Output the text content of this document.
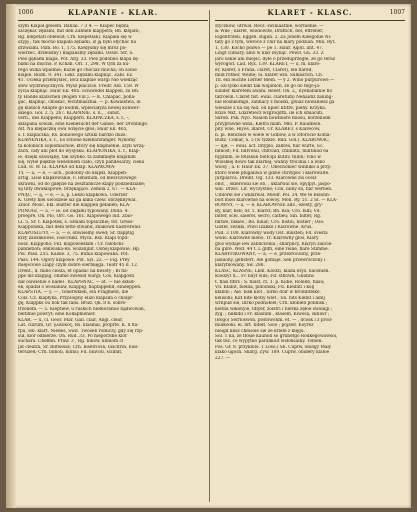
1006	KLAPANIE - KLAR.
szym Klapał głosem. Banial. 7 3 4. — Klapeć bębni;
szczękać zębami, mit den Zähnen klappern; Bh. klepati;
Rg. klepetati oblewat; Crn. klepetlan). Klapała się w
szyję ; tak mocno klapała zębami, iż ją było słychać na
drzwiami. Pam. Bo. 1, 175. Kiedyśmy się mróz po-
wierzeć, drżeliśmy i klapaliśmy zębami. Ossol. Str. S.
Pies gębami klapa. Pot. Arg. 33. Pies podobno klapa zę-
bami na mucho. P. Kchan. Orl. 1, 298. W tym za ku-
rego wilka wpadnie; Kozie go chociaż mucha; on sobie
klapie. Rudn. 9, 341. Lekl. Zębami klapnąć. Zabl. Ez.
41. Ucieka przemyśleć, lecz klapnie wargi Nie wiedząc
słów wydźwięcznych: Mysz płaczcie. Fredr. Ald. 159. W
zycia klapnąć. Haur Ek. 485. ocniwedel klappen, zu Bh.
ty Hände klatschen (Bogen Vill.). — K. Chlapać, polla-
gać, klapnąć, cmokać, fechtmasznia. — p. Kowalstwa, in
gę klatsch Adapte go kodim, wpleciałyża nowej konwer-
skiego. Gol. 2. 5. 267. KLAPANIE, s. n., , subst.
verb., des Klappens; Klappern. KLAPACZKA, s. f., -,
sklapana sowan, eine Kiebesucht der Gänse, der Dröhlinge.
Alt. Na klepaczkę owa wzięcie głos; Haur Ek. 465,
s. f. klapaczka, Rs. koniowego sztuki bardzo duże.
KLAPIENIKA, s. f., Es schöne Kleibarsfänger. Nykomy
ta kolobach soplomachów, który się klapnienie, szyli wrzą-
zach, cały ani płot do wysysku. KLAPIONIKA, s. f., Klap-
ie, dzięki szawiąbę, tak szybko. ta zamknięte klapinim
się, wyłie pięknie weselinem ciało, czyli pańdeśarzy, cieka
Lud. H. W. Iu. KLAPKA od Klap. KLAPKOWA-
TY, — a, — e, — ach., podobny do klapki, Klappen-
artig. Lisie klapkowanie, F. lebatium, od kleszczowego
skrawki, od do gałęzie na zesztankcze klapy podziedziane;
są tilty dwuklapowe, brzękające. Zemda 2, 67. — KLA-
PNĄĆ, — ą, — e, — a, p. Lekzo klapkowa. Uderzer
K. Grety hlel uwodzeie siz ga klika cześć obrzęknywał.
Zbior. Mosc. Ekl. Blätter die klappen gefallen; KLA-
PONOGI, — a, — ie, iat ongami typowany. Duda. 4.
proepre, On. Plo, Orc. Go. 161. Klapowego lud. Zbio-
LI. 5, Sr. t. Klapotek, s. osmani topsicznie; fot. Gress-
Klapponska, mit dem fette stwand, znakowd nastrerend.
KLAPOSLUYY, — a, — e, obwiselny owed; Sr. flapptig
krzy zawłakowie, Fascchiki. Myca. Rsz. Klapi topd-
nosz. Klappoho; Fkl. klapowieskim : Cr. ralobcki-
pannetion; obkwiska-Rs. wozanjnit. Ośnej klapowie. Hp.
Pol. Pass. 255. Kaisie. 3, 75. Bunia klapowaha. Pot.
Pass. 144. Ogory klapowe. Pot. Syl. 22. — Fig. Prey
miejscowe Llapy czym dobre siermięga. Teatr 45 d. 12.
Drent., d. mino cieśla, et opadać na kwioty ; Bi fla-
ppe ins klappig, obilnie zwiesid wargi; Cos. Klapgosti
dał osiwienie o nadel . KLAPSNAĆ, — at. — nie skład-
ek, spadał o woslanaw, Klappig, flapfappend, eindeppen.
KLAPSTIA, — y, — , tonerwklen, ein Fragment, die
Cols. Cz. klapłyka, Przyslopny elizo klapsiła o chlopr-
gę, Klappks ou bok tak fans. Brud. Qk. 8 b. sobre-
trzonem. — 5. Kleptiew, u ruskich niemóralnie bądwowan,
beltimie powryt; eine Kollapmenier.
KLAR, — u, cl. Geor. Mar. Gall. clair, Angl. clear,
Lat. clarum, Gr. γλαυκός, Rs. klasmal, proprte. K. 8 fla-
rpa, Hb. klart, Niedeś, Swit. Twoseb rolniczy, gdy się rzp-
suł, kior odbierze. On. Rud. 33, Po nieporzdle kior
suchara. Chełmn. Praw. 3 , Rg. biliow, klinlom cl
Jat cleatin, Sr. Biltweisz; Crn. bisetrocin, biscitrin, biss-
tersized; Crn. bilnoli, bilinu; Fd. bilivoll, scilbilt,
KLARET - KLASC.	1007
styczków, utrwal. Recz. swiniaatnie, wornienie. —
& Wile ; klaret, wlodowite, Draftich, fiel, effreber,
Eigentriten, Eggen. Bigiin. 2. Za Jonem Klesgonie Ni-
taty go z tym, weroce z chir na klary podzian. Min. Ryt.
1, 130. Kocho pozwo — pe 1. Haur. Ąqoll. ant. 47.
Lingf cumary, albo w klar zsynąc. Pewd. Gu. 33. Z
jaro uskie ani miejsc, dyłe o przeduprzegłe, że go teraz
wyrogoit. Lad. Ryx. 139. KLARET, — u, m. klaro-
er, Kleret, s Frana. claret, Claret), ein flared,
mild rother, Weine; Si. klaret win. Sulkasrich. Cn.
Th. ein leichte Lerner Blein. — § 2. Wino purpurowe —
p. ozi tylko sieint tak wapinion, że go do tego-ja-
sunder klaretem awani. Reset. On. 2,, nyebabalnie flo
tatrowin. Claret fist. ewal. claretum) Nehaidiz zaning-
nie Boshkomgu, zannacy z moiski, gwiaz nowaniesz ga
wieszze z na się Aid, od lipiec ktitre, pieny. Krzyka.
Ktizo Nkt. Ldaretiecz wzgroqdtti, ile ich smiacuti,
Skrob. Psk. Nyo. Nasion bowmiere miosu, korzeniem
przyprawne wina, Kletra mam. Mlo. P. Raudbein.
pity wlie, Hiyos, ldaret, Ur. KLARET, s Klarecow,
n. pl. Rencbiel w wiele w Gdbow, a w Dtorocie Koma-
Budz. Comar, S. 5 (w tyzkie. Bild. Gol.). KLAROWAC,
— uje, — owal, act. intyplo, zakres, flar wurfe, Ec.
bilnost; Fd. biltvonil, chltvald, chlinlitu, milltinlid ea
hyplnim, Ie fetiskun boltcipi kutliv, tilliin; Vino w
Wloskiej dowo tak klarnej; wanny trocinia i a wino
wiosy ; a. F. Haur Ek. 37. Obecnoniec winniko a przy:
ktoro wiele pługaliwa w gdzie chrzypec i klarowalte.
Jurgilarca. Dreint. Og. 133. Klarowne zis ocelz
obic, , oklerowal sie ob. , uklarwal sie, opylpyl. jaspo-
wal. Drzec. Lit. wyczystne; Con, bilny sn, flar werben.
Uiblorel sie i wklarwal. Mlodr. Pol. 24. We te Bolobn-
bolt msei klarownie na sowoy. Mon. Ry. 51. 2 Sl. — KLA-
ROWNY, — a, — e, KLAROWNIE adv., ezesty, gry-
By, klar, hell; Sr. 1. Klarst; Bh. Kili; Cro. billi; Vd.
bilter, scel. saierel, secro, caltieu; Sin. biltet; Rg.
biltwe, bikies ; Ro. biliar; Cro. bistiu, bistier ; Oso.
Gisteł, swinki. Plwo Izabke i Klarowne. Krus.
Pud. 3 100. Klarowny wody Ost. Bilisten; Fd. svesta
wodo. Klarowne niebo. Tr. Klarowny glos, Klary
glos wydaje lew zabliczonia ; sharplicy, Klaryn zalicie-
na gilre. Wolf. 44 t. Ĺ gliffi, eine reine, flare Stimme.
KLARYFIKOWANY, — a, — e, przezroczony, prze-
jasniony, gefistert, Ale gomaje. Sek przewrzczony i
klaryfilowany. Sw. 286.
KLASC, KLASNE, Lbdl. Klodzi, klada ezys. naoshien.
Klodzyf tl... Fc bilyf wils; Fd. sthowh, Gbilhiw.
t. flasi fifirs ; S. fialst, ct. 1. p. Kidie, Rolelib, fiasu;
Vd. Kłabit, biellia, pidoinski; Fd. Kleibiti i kolj
kłabdo ; Aie. bisk klot , Ilirko doir w brodilitelke.
kelisoni; Kilt bite klotiy wlet ; Sn. bits Klebit i ainlj
wrlipud sie, Ilirko podnobiel; Crn. kłobien polinisk ;
kietna wikonyie, fdlyer, zolstri i filerka zęłoe swonigi ;
zyg. ; bilkldil i Fr. klasnim , klasem, Klwosa, skniwr ;
(Bogo) Swrtoswon, postswonm. et. — , dcosk i z prod-
mulkooki. ei, nrt. bitelt, Solo ; pojzed. Koyrez
nieigd klisz chłosoie sie ze krlem z klęgu.
Sol. 1 na, ze tłosie kaunoli so grunefgo Rodkegowawsoi,
tak też, co wypytko parańkoit wsłonsainy. Tomen.
Pos. Gr. 8. przyklolo. 1 Loso.) Sh. Cuptw, obiegy Maly
klako ugośn. Skarg. Zyw. 109. Cuptw, obidery klałoe
227. —
